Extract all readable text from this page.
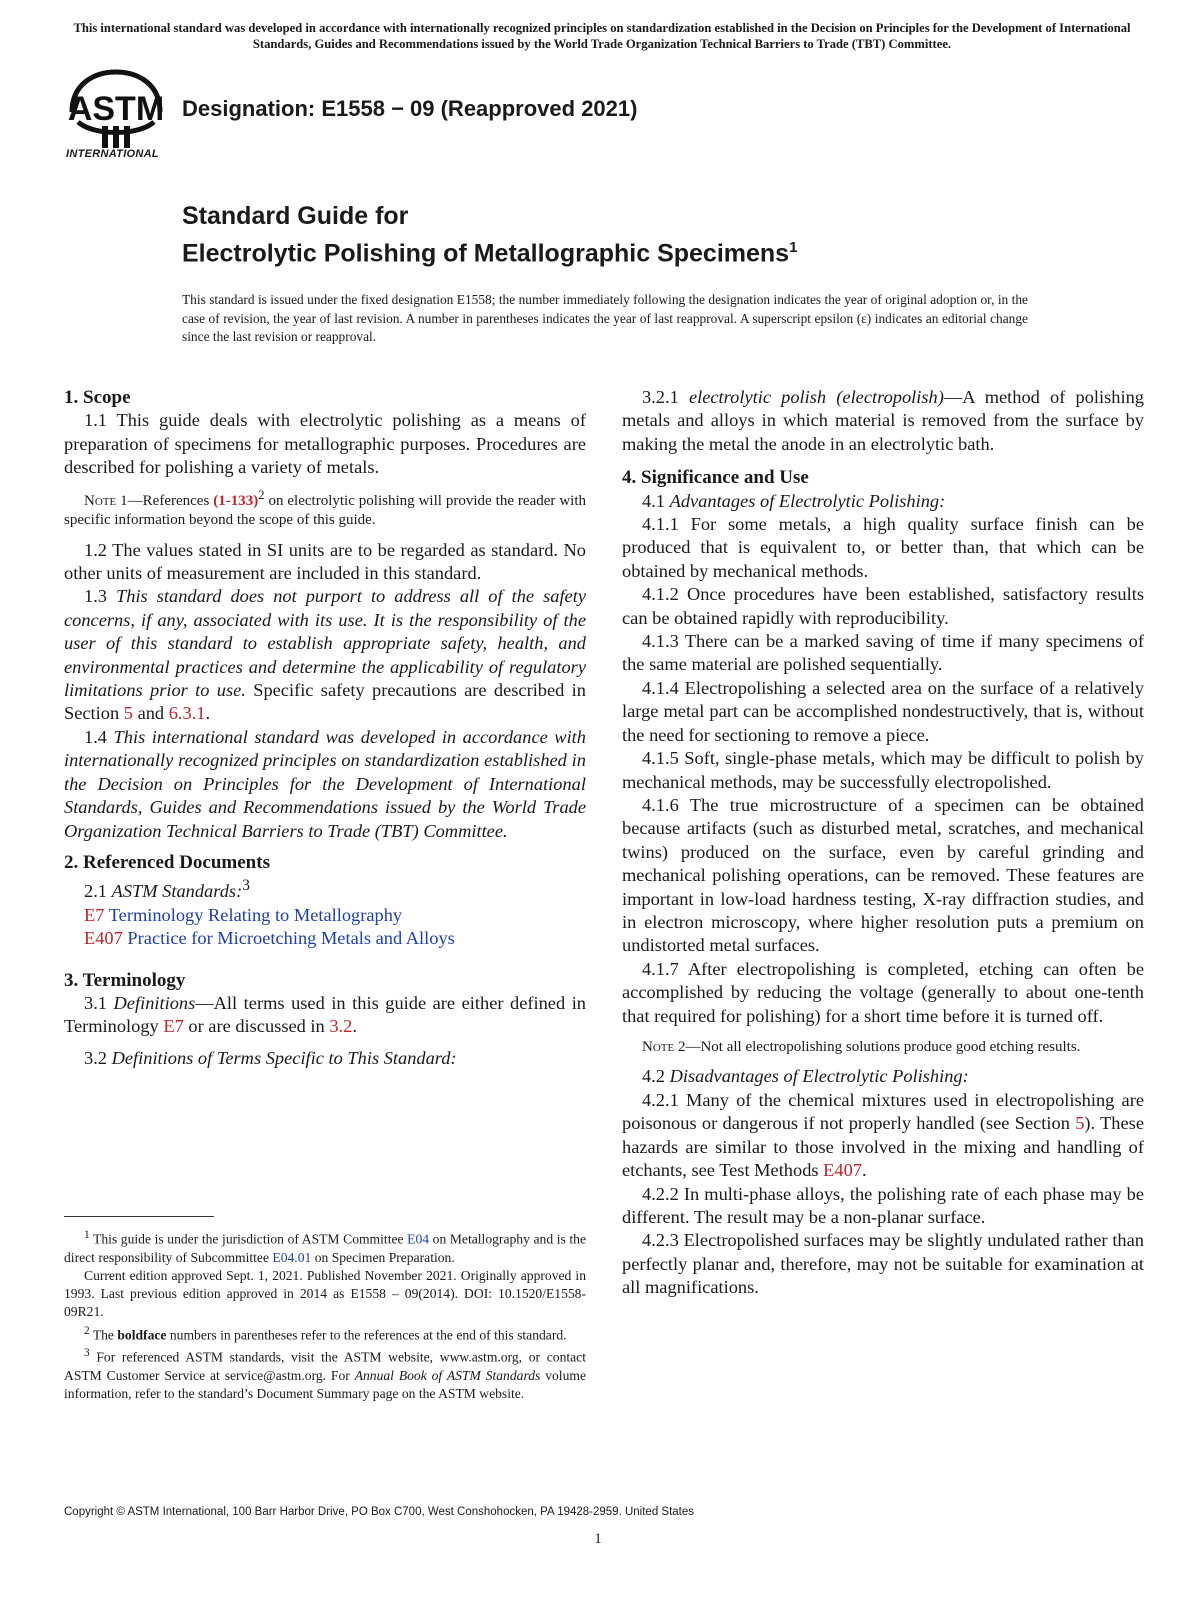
This international standard was developed in accordance with internationally recognized principles on standardization established in the Decision on Principles for the Development of International Standards, Guides and Recommendations issued by the World Trade Organization Technical Barriers to Trade (TBT) Committee.
ASTM
INTERNATIONAL
Designation: E1558 − 09 (Reapproved 2021)
Standard Guide for
Electrolytic Polishing of Metallographic Specimens$^1$
This standard is issued under the fixed designation E1558; the number immediately following the designation indicates the year of original adoption or, in the case of revision, the year of last revision. A number in parentheses indicates the year of last reapproval. A superscript epsilon (ε) indicates an editorial change since the last revision or reapproval.

1. Scope

1.1 This guide deals with electrolytic polishing as a means of preparation of specimens for metallographic purposes. Procedures are described for polishing a variety of metals.

Note 1—References $(1-133)^2$ on electrolytic polishing will provide the reader with specific information beyond the scope of this guide.

1.2 The values stated in SI units are to be regarded as standard. No other units of measurement are included in this standard.

1.3 This standard does not purport to address all of the safety concerns, if any, associated with its use. It is the responsibility of the user of this standard to establish appropriate safety, health, and environmental practices and determine the applicability of regulatory limitations prior to use. Specific safety precautions are described in Section 5 and 6.3.1.

1.4 This international standard was developed in accordance with internationally recognized principles on standardization established in the Decision on Principles for the Development of International Standards, Guides and Recommendations issued by the World Trade Organization Technical Barriers to Trade (TBT) Committee.

2. Referenced Documents

2.1 ASTM Standards:$^3$

E7 Terminology Relating to Metallography

E407 Practice for Microetching Metals and Alloys

3. Terminology

3.1 Definitions—All terms used in this guide are either defined in Terminology E7 or are discussed in 3.2.

3.2 Definitions of Terms Specific to This Standard:

$^1$ This guide is under the jurisdiction of ASTM Committee E04 on Metallography and is the direct responsibility of Subcommittee E04.01 on Specimen Preparation.

Current edition approved Sept. 1, 2021. Published November 2021. Originally approved in 1993. Last previous edition approved in 2014 as E1558 – 09(2014). DOI: 10.1520/E1558-09R21.

$^2$ The boldface numbers in parentheses refer to the references at the end of this standard.

$^3$ For referenced ASTM standards, visit the ASTM website, www.astm.org, or contact ASTM Customer Service at service@astm.org. For Annual Book of ASTM Standards volume information, refer to the standard’s Document Summary page on the ASTM website.

3.2.1 electrolytic polish (electropolish)—A method of polishing metals and alloys in which material is removed from the surface by making the metal the anode in an electrolytic bath.

4. Significance and Use

4.1 Advantages of Electrolytic Polishing:

4.1.1 For some metals, a high quality surface finish can be produced that is equivalent to, or better than, that which can be obtained by mechanical methods.

4.1.2 Once procedures have been established, satisfactory results can be obtained rapidly with reproducibility.

4.1.3 There can be a marked saving of time if many specimens of the same material are polished sequentially.

4.1.4 Electropolishing a selected area on the surface of a relatively large metal part can be accomplished nondestructively, that is, without the need for sectioning to remove a piece.

4.1.5 Soft, single-phase metals, which may be difficult to polish by mechanical methods, may be successfully electropolished.

4.1.6 The true microstructure of a specimen can be obtained because artifacts (such as disturbed metal, scratches, and mechanical twins) produced on the surface, even by careful grinding and mechanical polishing operations, can be removed. These features are important in low-load hardness testing, X-ray diffraction studies, and in electron microscopy, where higher resolution puts a premium on undistorted metal surfaces.

4.1.7 After electropolishing is completed, etching can often be accomplished by reducing the voltage (generally to about one-tenth that required for polishing) for a short time before it is turned off.

Note 2—Not all electropolishing solutions produce good etching results.

4.2 Disadvantages of Electrolytic Polishing:

4.2.1 Many of the chemical mixtures used in electropolishing are poisonous or dangerous if not properly handled (see Section 5). These hazards are similar to those involved in the mixing and handling of etchants, see Test Methods E407.

4.2.2 In multi-phase alloys, the polishing rate of each phase may be different. The result may be a non-planar surface.

4.2.3 Electropolished surfaces may be slightly undulated rather than perfectly planar and, therefore, may not be suitable for examination at all magnifications.

Copyright © ASTM International, 100 Barr Harbor Drive, PO Box C700, West Conshohocken, PA 19428-2959. United States
1
